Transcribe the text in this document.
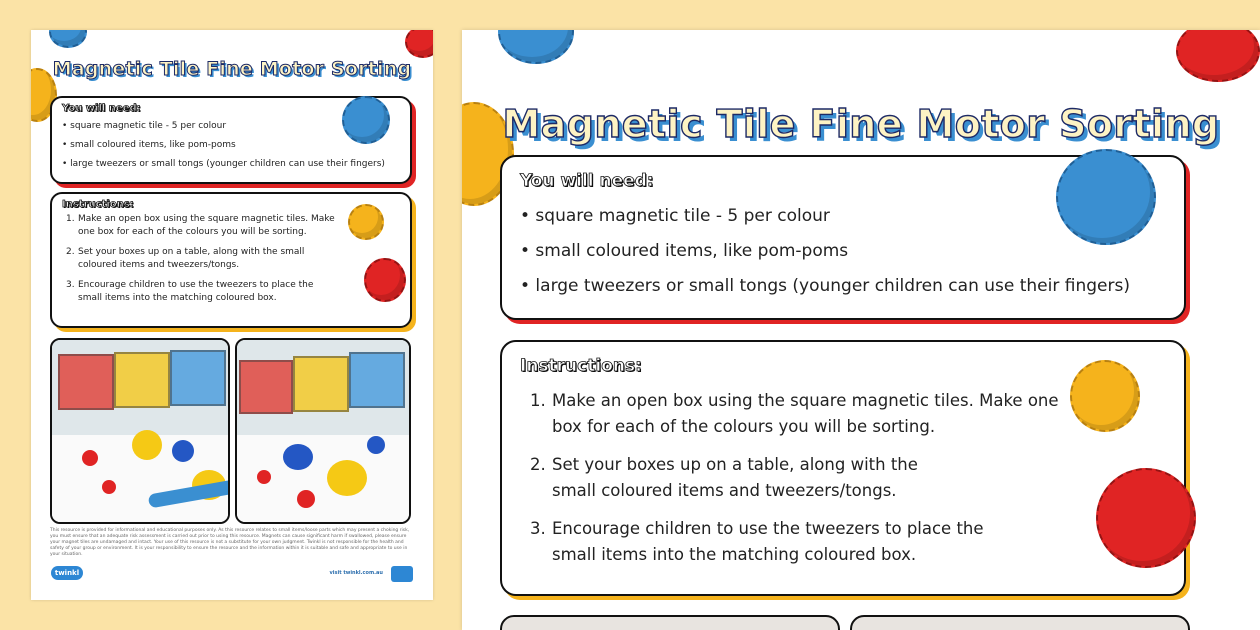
Magnetic Tile Fine Motor Sorting
You will need:
• square magnetic tile - 5 per colour
• small coloured items, like pom-poms
• large tweezers or small tongs (younger children can use their fingers)
Instructions:
1. Make an open box using the square magnetic tiles. Make one box for each of the colours you will be sorting.
2. Set your boxes up on a table, along with the small coloured items and tweezers/tongs.
3. Encourage children to use the tweezers to place the small items into the matching coloured box.
This resource is provided for informational and educational purposes only. As this resource relates to small items/loose parts which may present a choking risk, you must ensure that an adequate risk assessment is carried out prior to using this resource. Magnets can cause significant harm if swallowed, please ensure your magnet tiles are undamaged and intact. Your use of this resource is not a substitute for your own judgment. Twinkl is not responsible for the health and safety of your group or environment. It is your responsibility to ensure the resource and the information within it is suitable and safe and appropriate to use in your situation.
twinkl	visit twinkl.com.au
Magnetic Tile Fine Motor Sorting
You will need:
• square magnetic tile - 5 per colour
• small coloured items, like pom-poms
• large tweezers or small tongs (younger children can use their fingers)
Instructions:
1. Make an open box using the square magnetic tiles. Make one box for each of the colours you will be sorting.
2. Set your boxes up on a table, along with the small coloured items and tweezers/tongs.
3. Encourage children to use the tweezers to place the small items into the matching coloured box.
